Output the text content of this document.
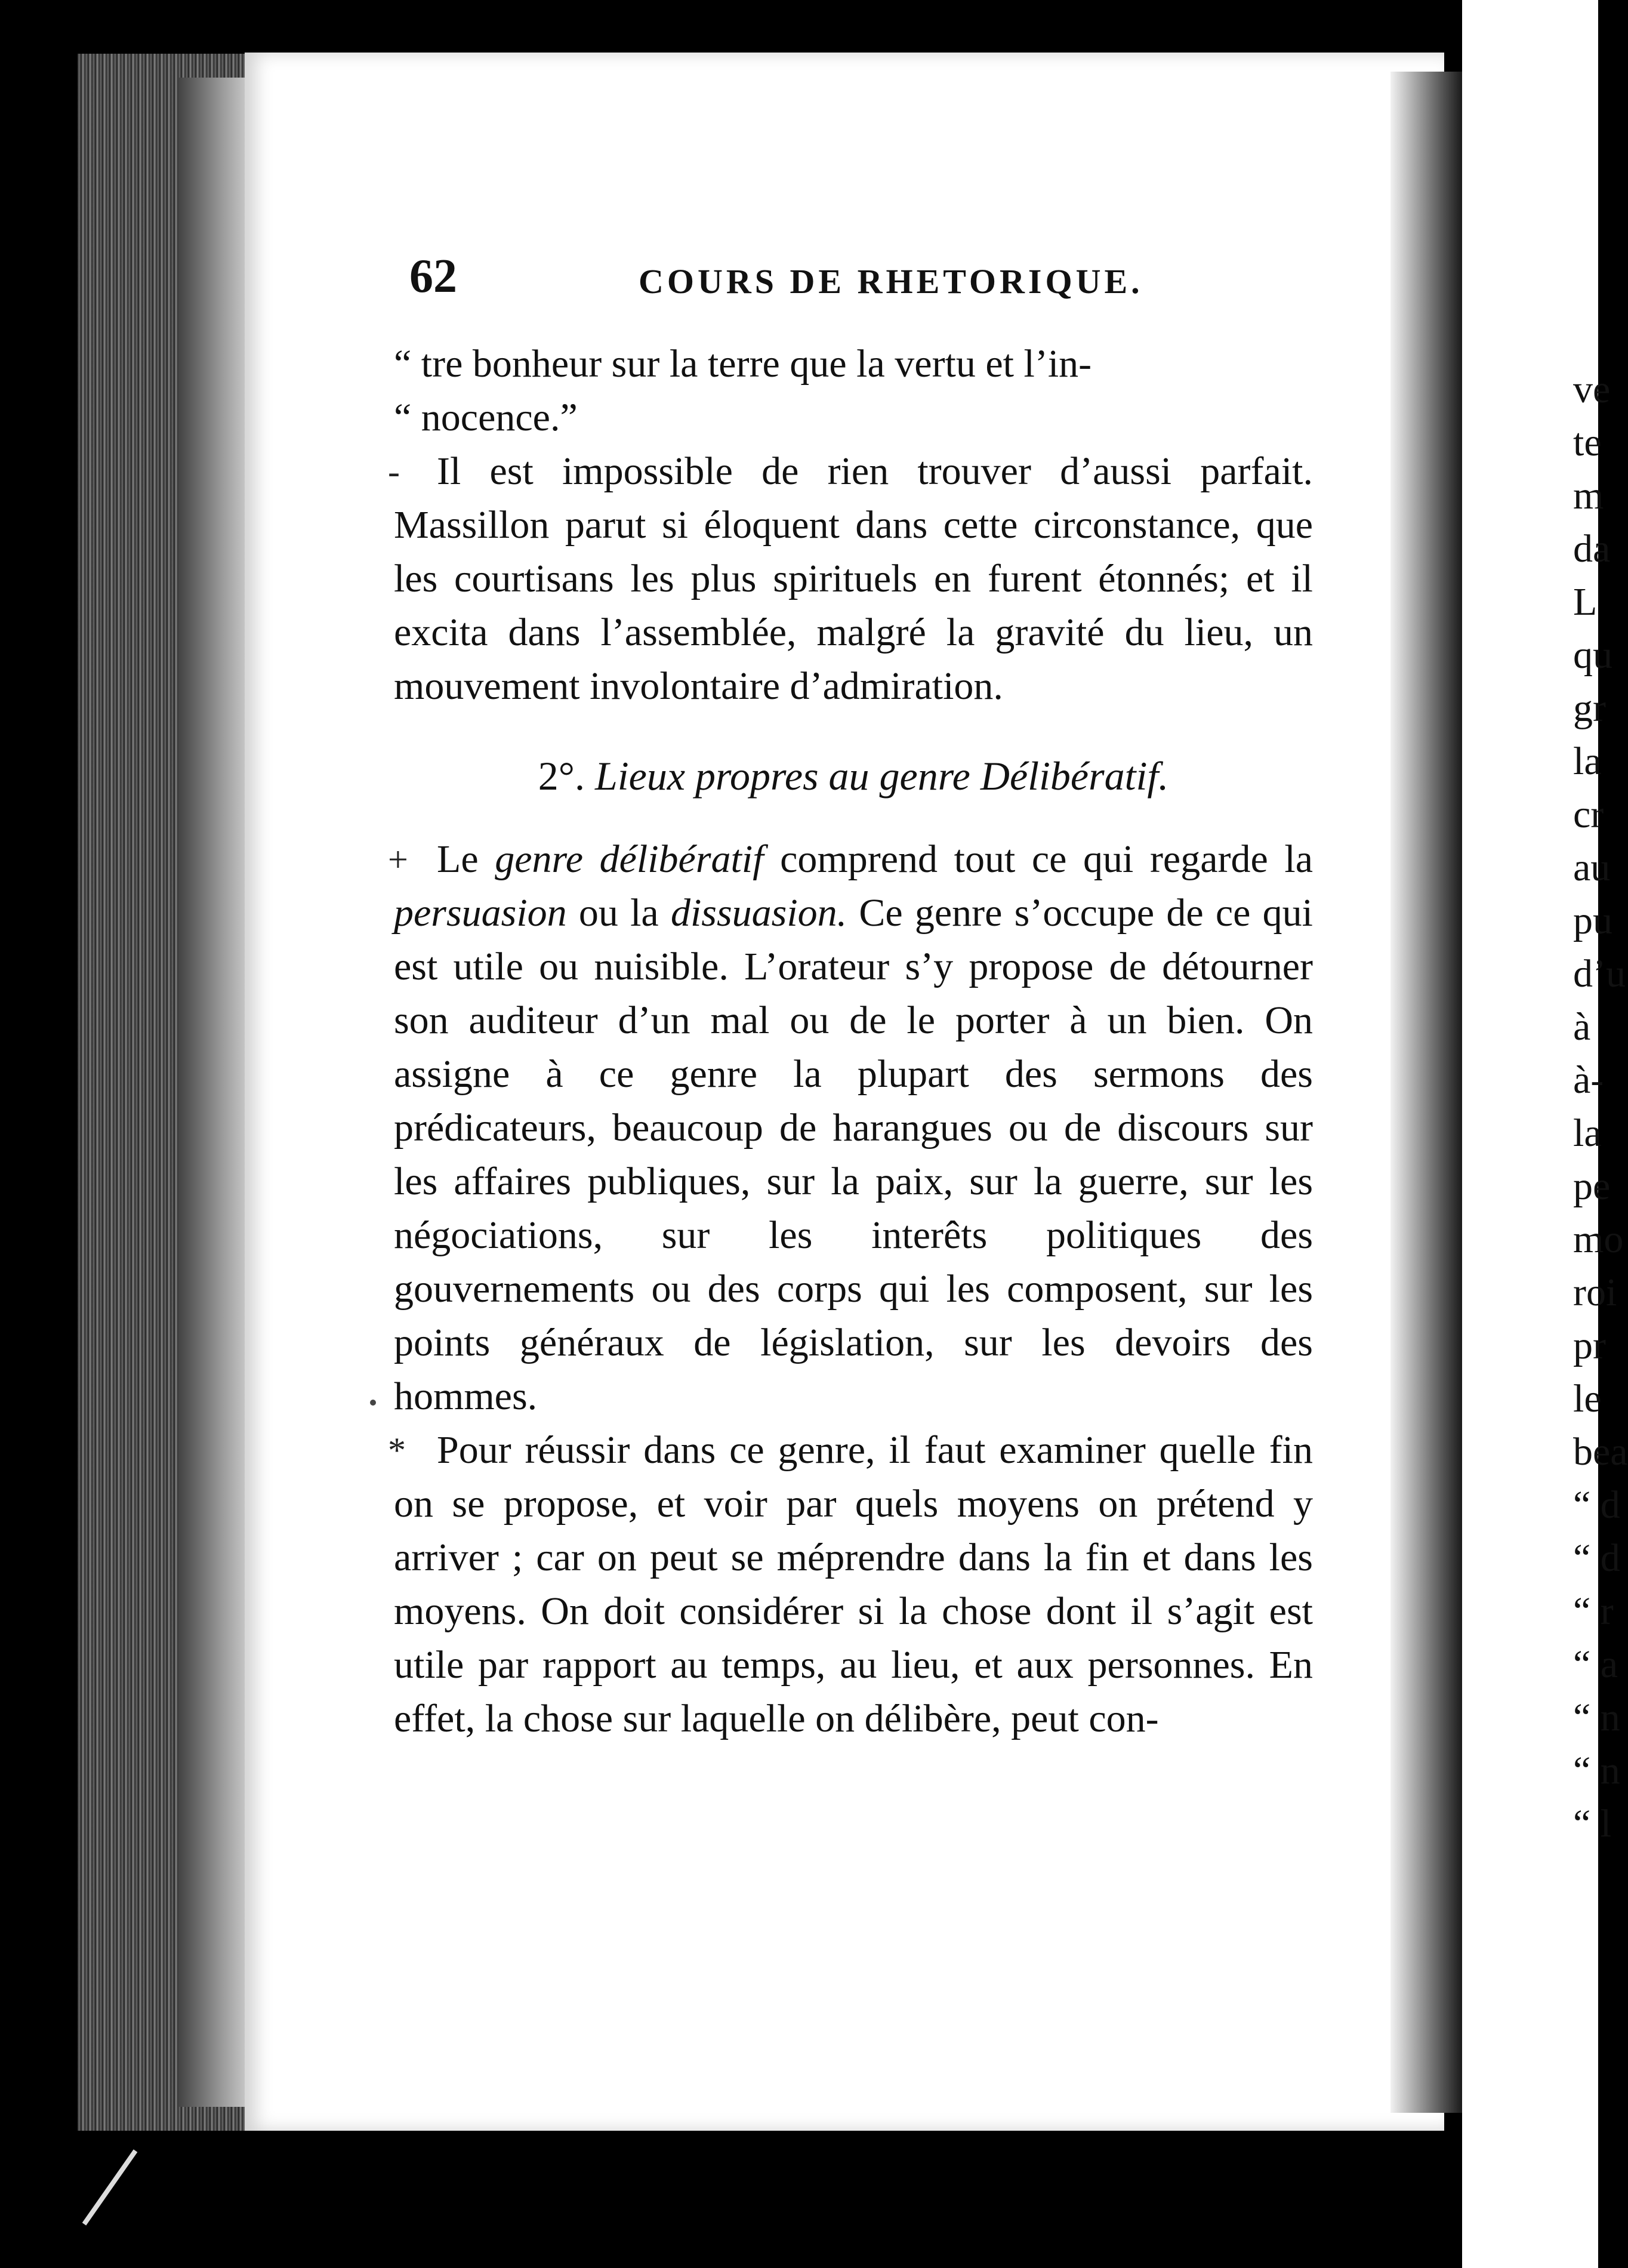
ve
te
m
da
L
qu
gr
la
cr
au
pu
d’u
à
à-
la
pe
mo
roi
pr
le
bea
“ d
“ d
“ r
“ a
“ n
“ n
“ l
62	COURS DE RHETORIQUE.

“ tre bonheur sur la terre que la vertu et l’in-

“ nocence.”

- Il est impossible de rien trouver d’aussi parfait. Massillon parut si éloquent dans cette circonstance, que les courtisans les plus spirituels en furent étonnés; et il excita dans l’assemblée, malgré la gravité du lieu, un mouvement involontaire d’admiration.

2°. Lieux propres au genre Délibératif.
+ Le genre délibératif comprend tout ce qui regarde la persuasion ou la dissuasion. Ce genre s’occupe de ce qui est utile ou nuisible. L’orateur s’y propose de détourner son auditeur d’un mal ou de le porter à un bien. On assigne à ce genre la plupart des sermons des prédicateurs, beaucoup de harangues ou de discours sur les affaires publiques, sur la paix, sur la guerre, sur les négociations, sur les interêts politiques des gouvernements ou des corps qui les composent, sur les points généraux de législation, sur les devoirs des hommes.

* Pour réussir dans ce genre, il faut examiner quelle fin on se propose, et voir par quels moyens on prétend y arriver ; car on peut se méprendre dans la fin et dans les moyens. On doit considérer si la chose dont il s’agit est utile par rapport au temps, au lieu, et aux personnes. En effet, la chose sur laquelle on délibère, peut con-
